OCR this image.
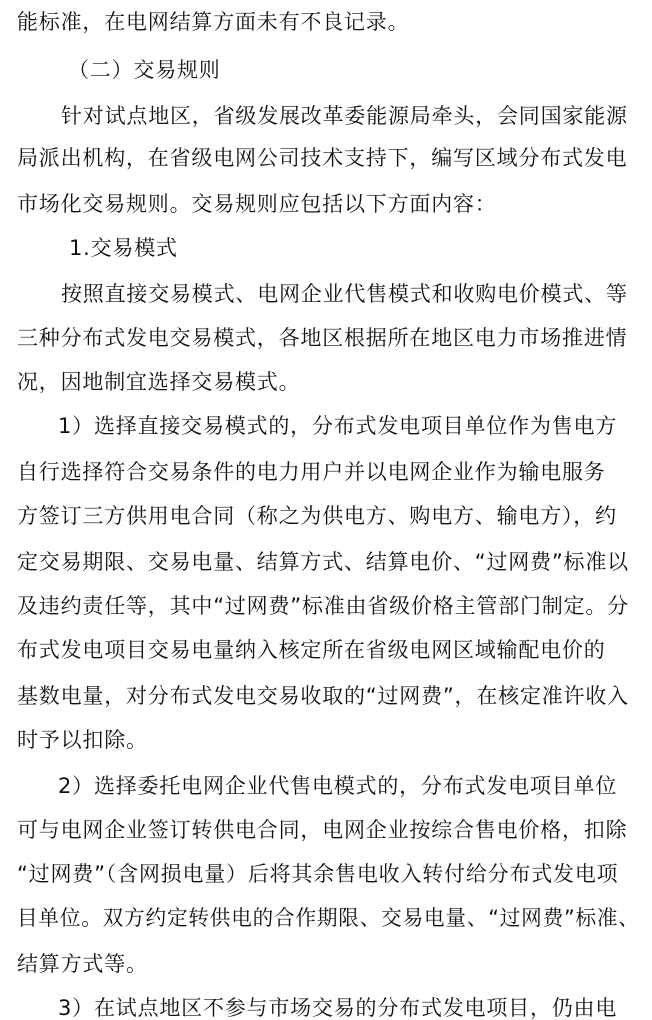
能标准，在电网结算方面未有不良记录。
（二）交易规则
针对试点地区，省级发展改革委能源局牵头，会同国家能源
局派出机构，在省级电网公司技术支持下，编写区域分布式发电
市场化交易规则。交易规则应包括以下方面内容：
1.交易模式
按照直接交易模式、电网企业代售模式和收购电价模式、等
三种分布式发电交易模式，各地区根据所在地区电力市场推进情
况，因地制宜选择交易模式。
1）选择直接交易模式的，分布式发电项目单位作为售电方
自行选择符合交易条件的电力用户并以电网企业作为输电服务
方签订三方供用电合同（称之为供电方、购电方、输电方），约
定交易期限、交易电量、结算方式、结算电价、“过网费”标准以
及违约责任等，其中“过网费”标准由省级价格主管部门制定。分
布式发电项目交易电量纳入核定所在省级电网区域输配电价的
基数电量，对分布式发电交易收取的“过网费”，在核定准许收入
时予以扣除。
2）选择委托电网企业代售电模式的，分布式发电项目单位
可与电网企业签订转供电合同，电网企业按综合售电价格，扣除
“过网费”（含网损电量）后将其余售电收入转付给分布式发电项
目单位。双方约定转供电的合作期限、交易电量、“过网费”标准、
结算方式等。
3）在试点地区不参与市场交易的分布式发电项目，仍由电
